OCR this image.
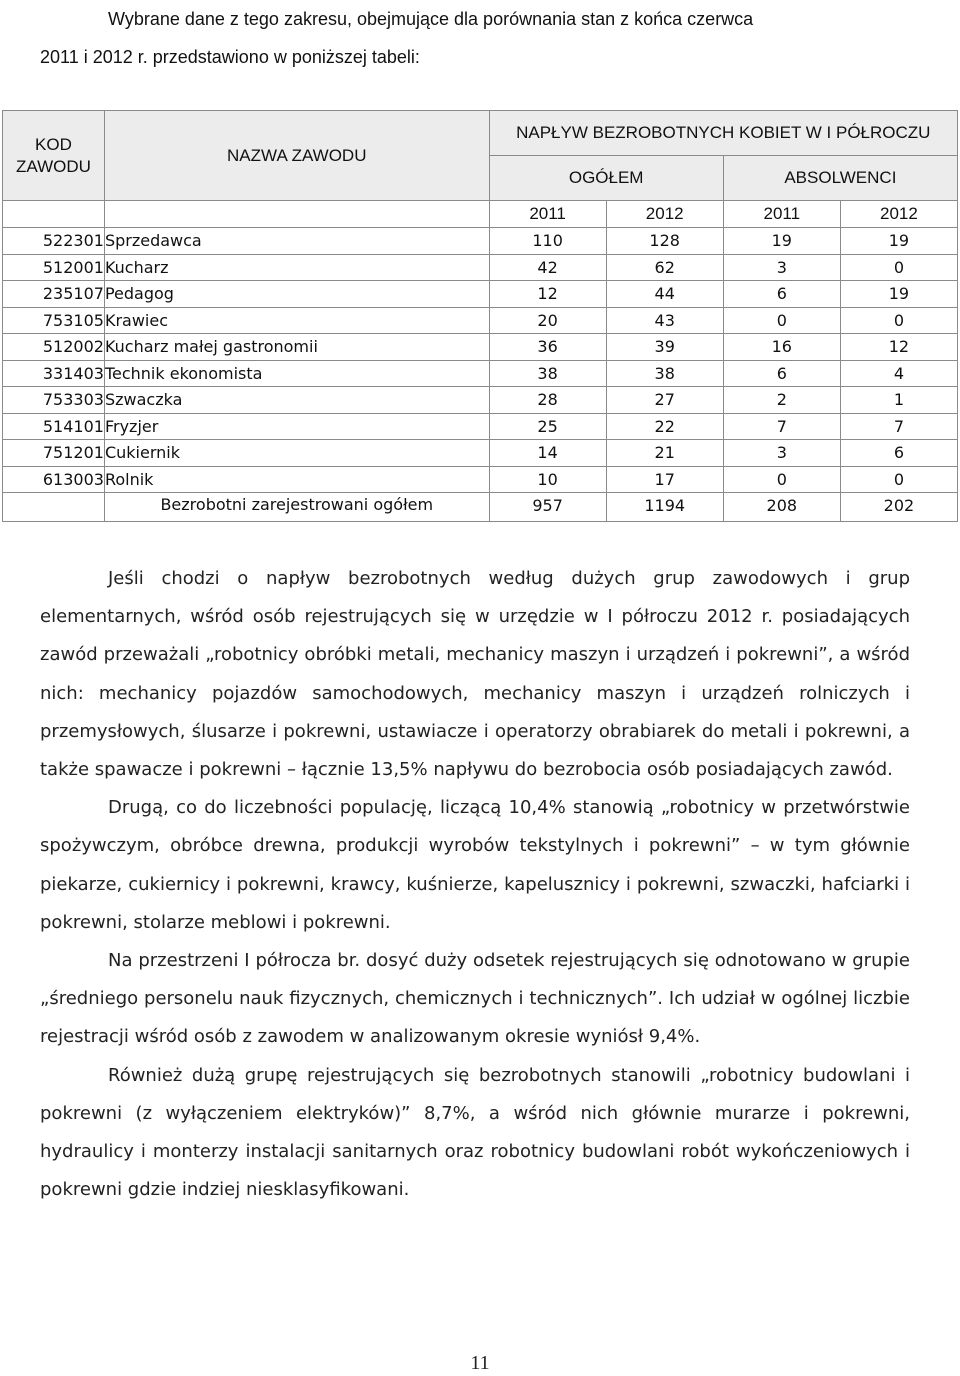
Wybrane dane z tego zakresu, obejmujące dla porównania stan z końca czerwca

2011 i 2012 r. przedstawiono w poniższej tabeli:
KOD ZAWODU	NAZWA ZAWODU	NAPŁYW BEZROBOTNYCH KOBIET W I PÓŁROCZU			
		OGÓŁEM		ABSOLWENCI	
		2011	2012	2011	2012
522301	Sprzedawca	110	128	19	19
512001	Kucharz	42	62	3	0
235107	Pedagog	12	44	6	19
753105	Krawiec	20	43	0	0
512002	Kucharz małej gastronomii	36	39	16	12
331403	Technik ekonomista	38	38	6	4
753303	Szwaczka	28	27	2	1
514101	Fryzjer	25	22	7	7
751201	Cukiernik	14	21	3	6
613003	Rolnik	10	17	0	0
	Bezrobotni zarejestrowani ogółem	957	1194	208	202

Jeśli chodzi o napływ bezrobotnych według dużych grup zawodowych i grup elementarnych, wśród osób rejestrujących się w urzędzie w I półroczu 2012 r. posiadających zawód przeważali „robotnicy obróbki metali, mechanicy maszyn i urządzeń i pokrewni”, a wśród nich: mechanicy pojazdów samochodowych, mechanicy maszyn i urządzeń rolniczych i przemysłowych, ślusarze i pokrewni, ustawiacze i operatorzy obrabiarek do metali i pokrewni, a także spawacze i pokrewni – łącznie 13,5% napływu do bezrobocia osób posiadających zawód.

Drugą, co do liczebności populację, liczącą 10,4% stanowią „robotnicy w przetwórstwie spożywczym, obróbce drewna, produkcji wyrobów tekstylnych i pokrewni” – w tym głównie piekarze, cukiernicy i pokrewni, krawcy, kuśnierze, kapelusznicy i pokrewni, szwaczki, hafciarki i pokrewni, stolarze meblowi i pokrewni.

Na przestrzeni I półrocza br. dosyć duży odsetek rejestrujących się odnotowano w grupie „średniego personelu nauk fizycznych, chemicznych i technicznych”. Ich udział w ogólnej liczbie rejestracji wśród osób z zawodem w analizowanym okresie wyniósł 9,4%.

Również dużą grupę rejestrujących się bezrobotnych stanowili „robotnicy budowlani i pokrewni (z wyłączeniem elektryków)” 8,7%, a wśród nich głównie murarze i pokrewni, hydraulicy i monterzy instalacji sanitarnych oraz robotnicy budowlani robót wykończeniowych i pokrewni gdzie indziej niesklasyfikowani.

11
